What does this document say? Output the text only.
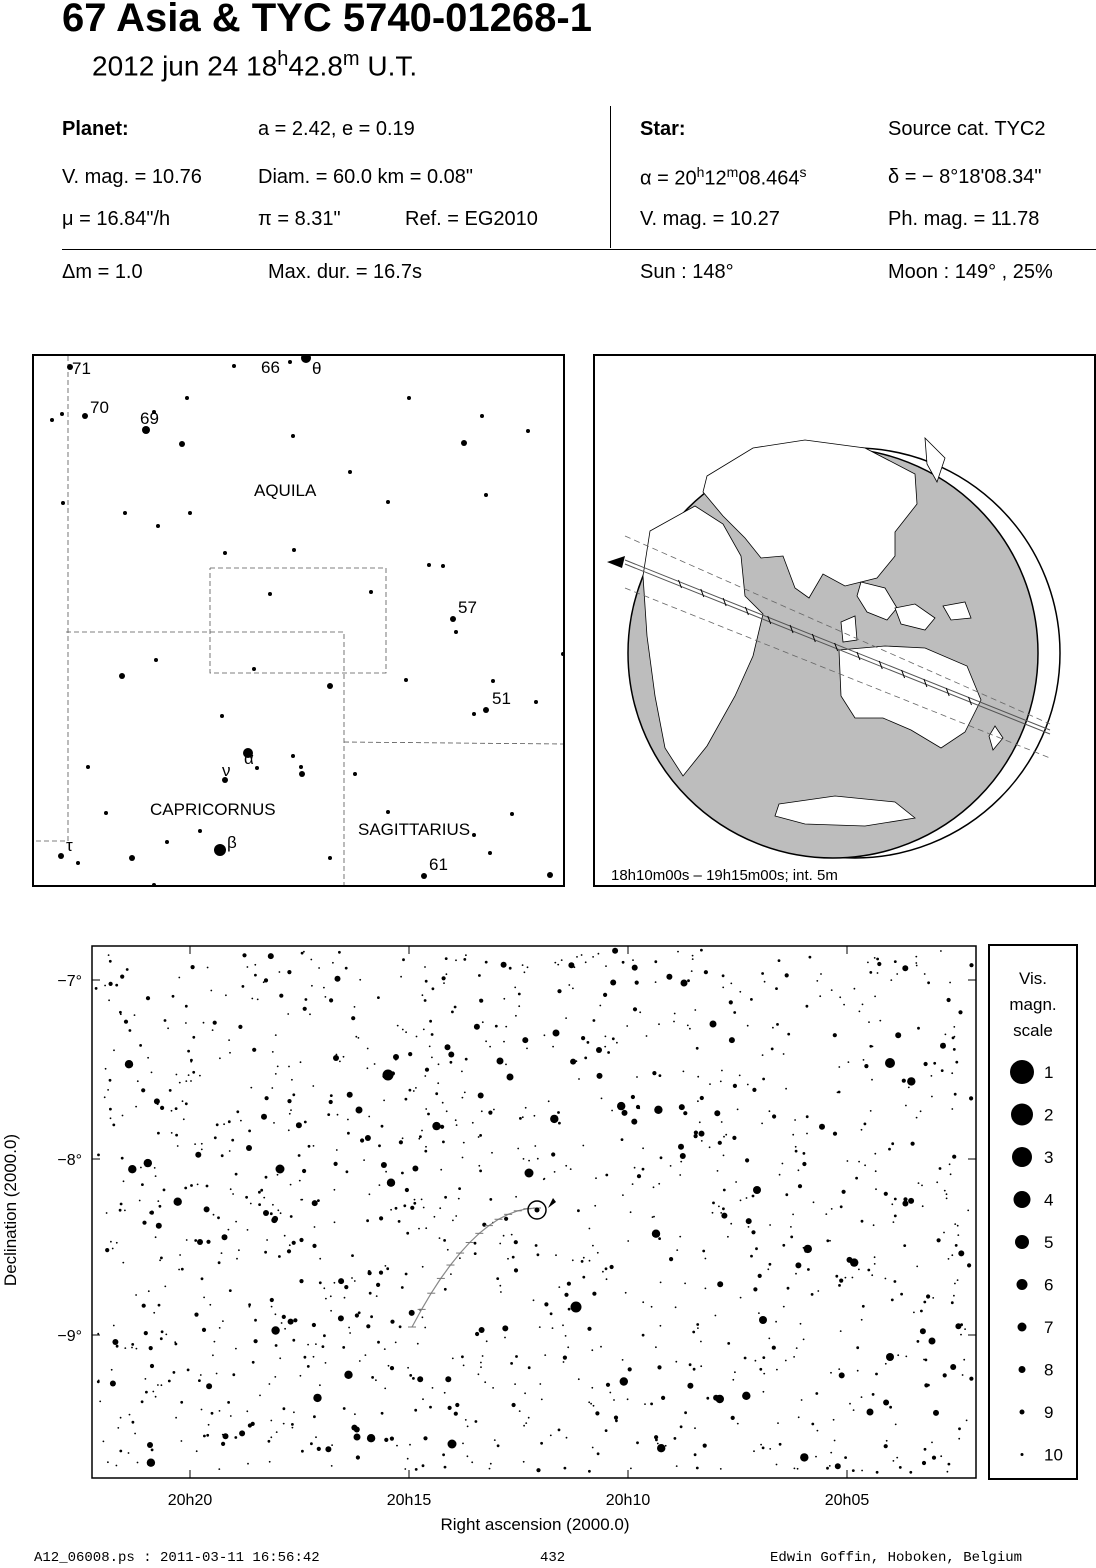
67 Asia & TYC 5740-01268-1
2012 jun 24 18$^h$42.8$^m$ U.T.
Planet:	a = 2.42, e = 0.19
V. mag. = 10.76	Diam. = 60.0 km = 0.08"
μ = 16.84"/h	π = 8.31"	Ref. = EG2010
Star:	Source cat. TYC2
$\alpha = 20^h12^m08.464^s$	δ = − 8°18'08.34"
V. mag. = 10.27	Ph. mag. = 11.78
Δm = 1.0	Max. dur. = 16.7s	Sun : 148°	Moon : 149° , 25%
AQUILA
CAPRICORNUS
SAGITTARIUS
71
70
69
66 θ
57
51
ν
α
β
τ
61
18h10m00s – 19h15m00s; int. 5m
−7°
−8°
−9°
20h20	20h15	20h10	20h05
Right ascension (2000.0)
Declination (2000.0)
Vis.
magn.
scale
1
2
3
4
5
6
7
8
9
10
A12_06008.ps : 2011-03-11 16:56:42	432	Edwin Goffin, Hoboken, Belgium
